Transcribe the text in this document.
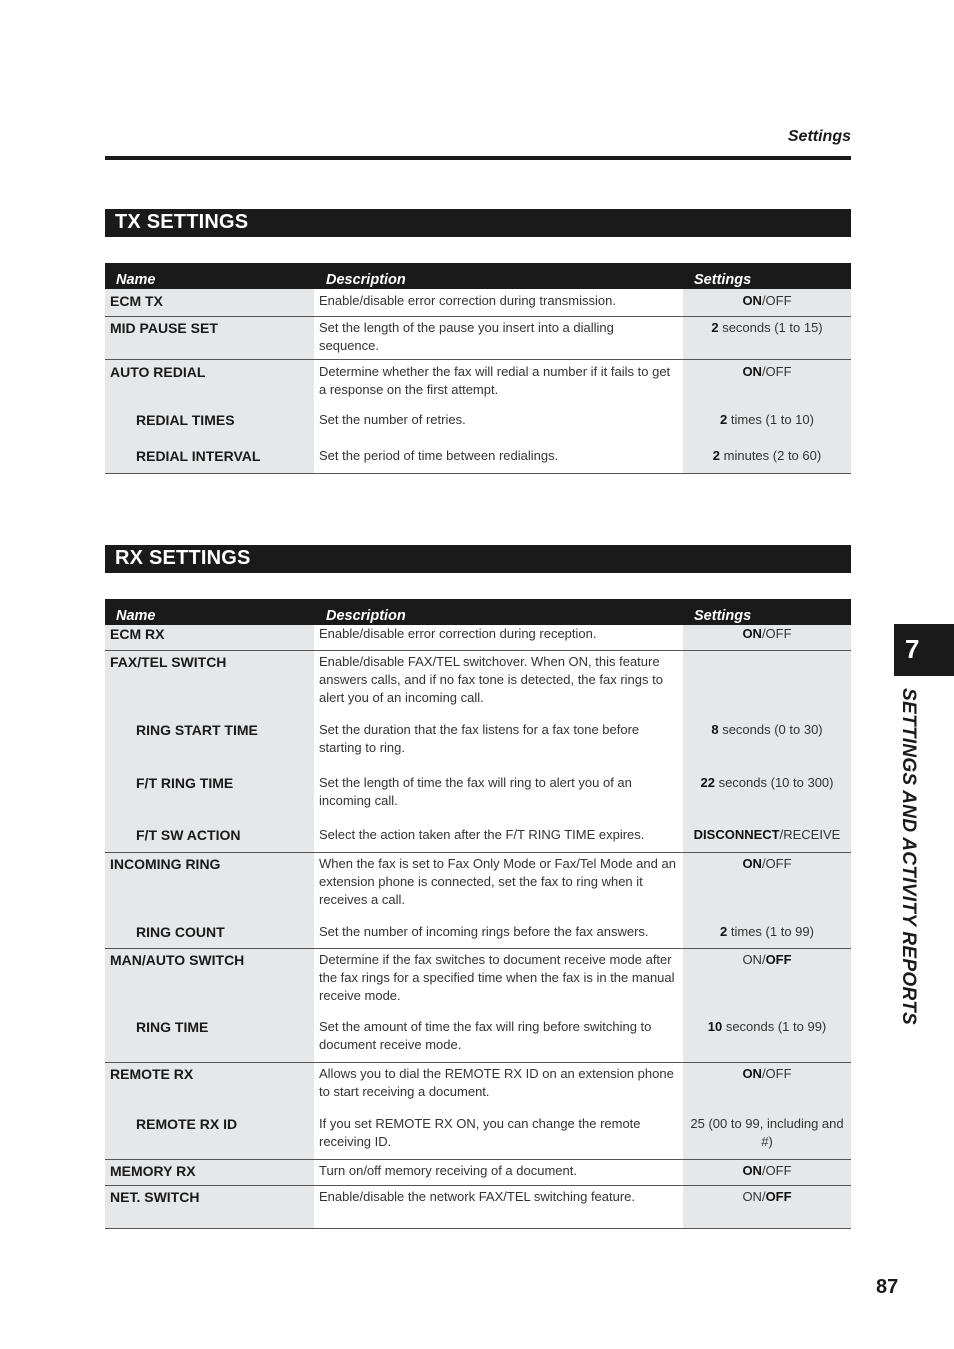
Settings
TX SETTINGS
Name	Description	Settings
ECM TX	Enable/disable error correction during transmission.	ON/OFF
MID PAUSE SET	Set the length of the pause you insert into a dialling sequence.	2 seconds (1 to 15)
AUTO REDIAL	Determine whether the fax will redial a number if it fails to get a response on the first attempt.	ON/OFF
REDIAL TIMES	Set the number of retries.	2 times (1 to 10)
REDIAL INTERVAL	Set the period of time between redialings.	2 minutes (2 to 60)
RX SETTINGS
Name	Description	Settings
ECM RX	Enable/disable error correction during reception.	ON/OFF
FAX/TEL SWITCH	Enable/disable FAX/TEL switchover. When ON, this feature answers calls, and if no fax tone is detected, the fax rings to alert you of an incoming call.	
RING START TIME	Set the duration that the fax listens for a fax tone before starting to ring.	8 seconds (0 to 30)
F/T RING TIME	Set the length of time the fax will ring to alert you of an incoming call.	22 seconds (10 to 300)
F/T SW ACTION	Select the action taken after the F/T RING TIME expires.	DISCONNECT/RECEIVE
INCOMING RING	When the fax is set to Fax Only Mode or Fax/Tel Mode and an extension phone is connected, set the fax to ring when it receives a call.	ON/OFF
RING COUNT	Set the number of incoming rings before the fax answers.	2 times (1 to 99)
MAN/AUTO SWITCH	Determine if the fax switches to document receive mode after the fax rings for a specified time when the fax is in the manual receive mode.	ON/OFF
RING TIME	Set the amount of time the fax will ring before switching to document receive mode.	10 seconds (1 to 99)
REMOTE RX	Allows you to dial the REMOTE RX ID on an extension phone to start receiving a document.	ON/OFF
REMOTE RX ID	If you set REMOTE RX ON, you can change the remote receiving ID.	25 (00 to 99, including and #)
MEMORY RX	Turn on/off memory receiving of a document.	ON/OFF
NET. SWITCH	Enable/disable the network FAX/TEL switching feature.	ON/OFF
7
SETTINGS AND ACTIVITY REPORTS
87
